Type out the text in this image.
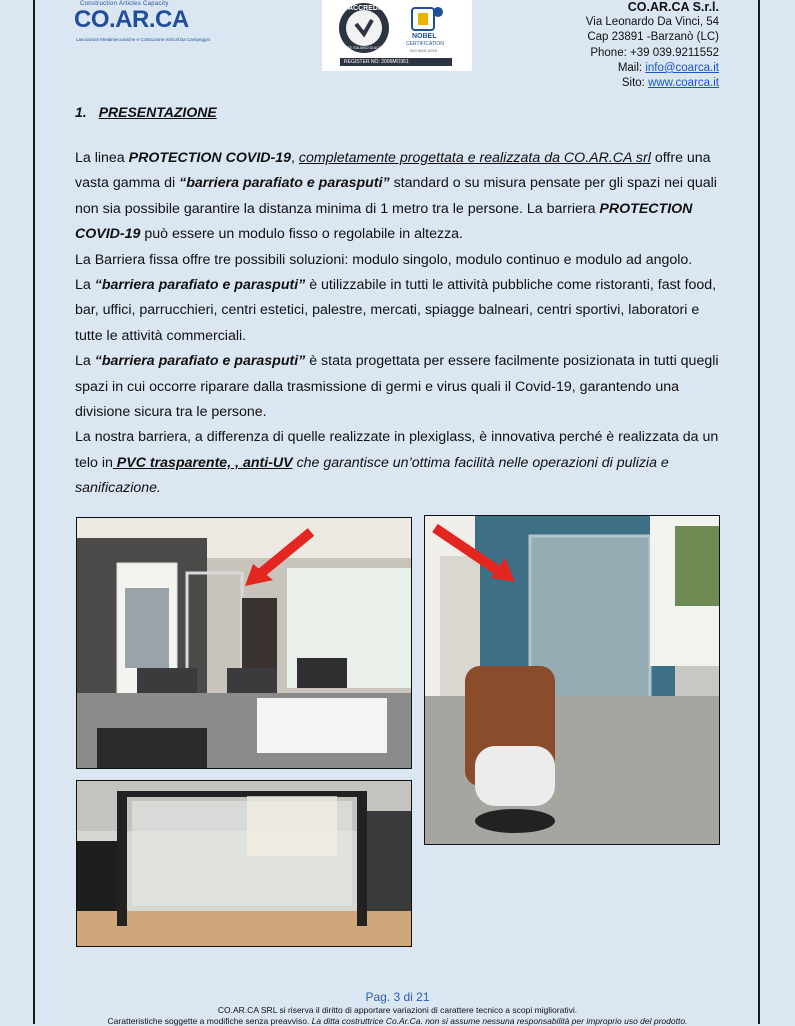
Construction Articles Capacity
CO.AR.CA
Lavorazioni Metalmeccaniche e Costruzione Articoli Da Campeggio
ACCREDIA
L'ENTE ITALIANO DI ACCREDITAMENTO
NOBEL
CERTIFICATION
ISO 9001:2015
REGISTER NO: 2006MO361
CO.AR.CA S.r.l.
Via Leonardo Da Vinci, 54
Cap 23891 -Barzanò (LC)
Phone: +39 039.9211552
Mail: info@coarca.it
Sito: www.coarca.it
1. PRESENTAZIONE

La linea PROTECTION COVID-19, completamente progettata e realizzata da CO.AR.CA srl offre una vasta gamma di “barriera parafiato e parasputi” standard o su misura pensate per gli spazi nei quali non sia possibile garantire la distanza minima di 1 metro tra le persone. La barriera PROTECTION COVID-19 può essere un modulo fisso o regolabile in altezza.

La Barriera fissa offre tre possibili soluzioni: modulo singolo, modulo continuo e modulo ad angolo.

La “barriera parafiato e parasputi” è utilizzabile in tutti le attività pubbliche come ristoranti, fast food, bar, uffici, parrucchieri, centri estetici, palestre, mercati, spiagge balneari, centri sportivi, laboratori e tutte le attività commerciali.

La “barriera parafiato e parasputi” è stata progettata per essere facilmente posizionata in tutti quegli spazi in cui occorre riparare dalla trasmissione di germi e virus quali il Covid-19, garantendo una divisione sicura tra le persone.

La nostra barriera, a differenza di quelle realizzate in plexiglass, è innovativa perché è realizzata da un telo in PVC trasparente, , anti-UV che garantisce un’ottima facilità nelle operazioni di pulizia e sanificazione.

Pag. 3 di 21
CO.AR.CA SRL si riserva il diritto di apportare variazioni di carattere tecnico a scopi migliorativi.
Caratteristiche soggette a modifiche senza preavviso. La ditta costruttrice Co.Ar.Ca. non si assume nessuna responsabilità per improprio uso del prodotto.
